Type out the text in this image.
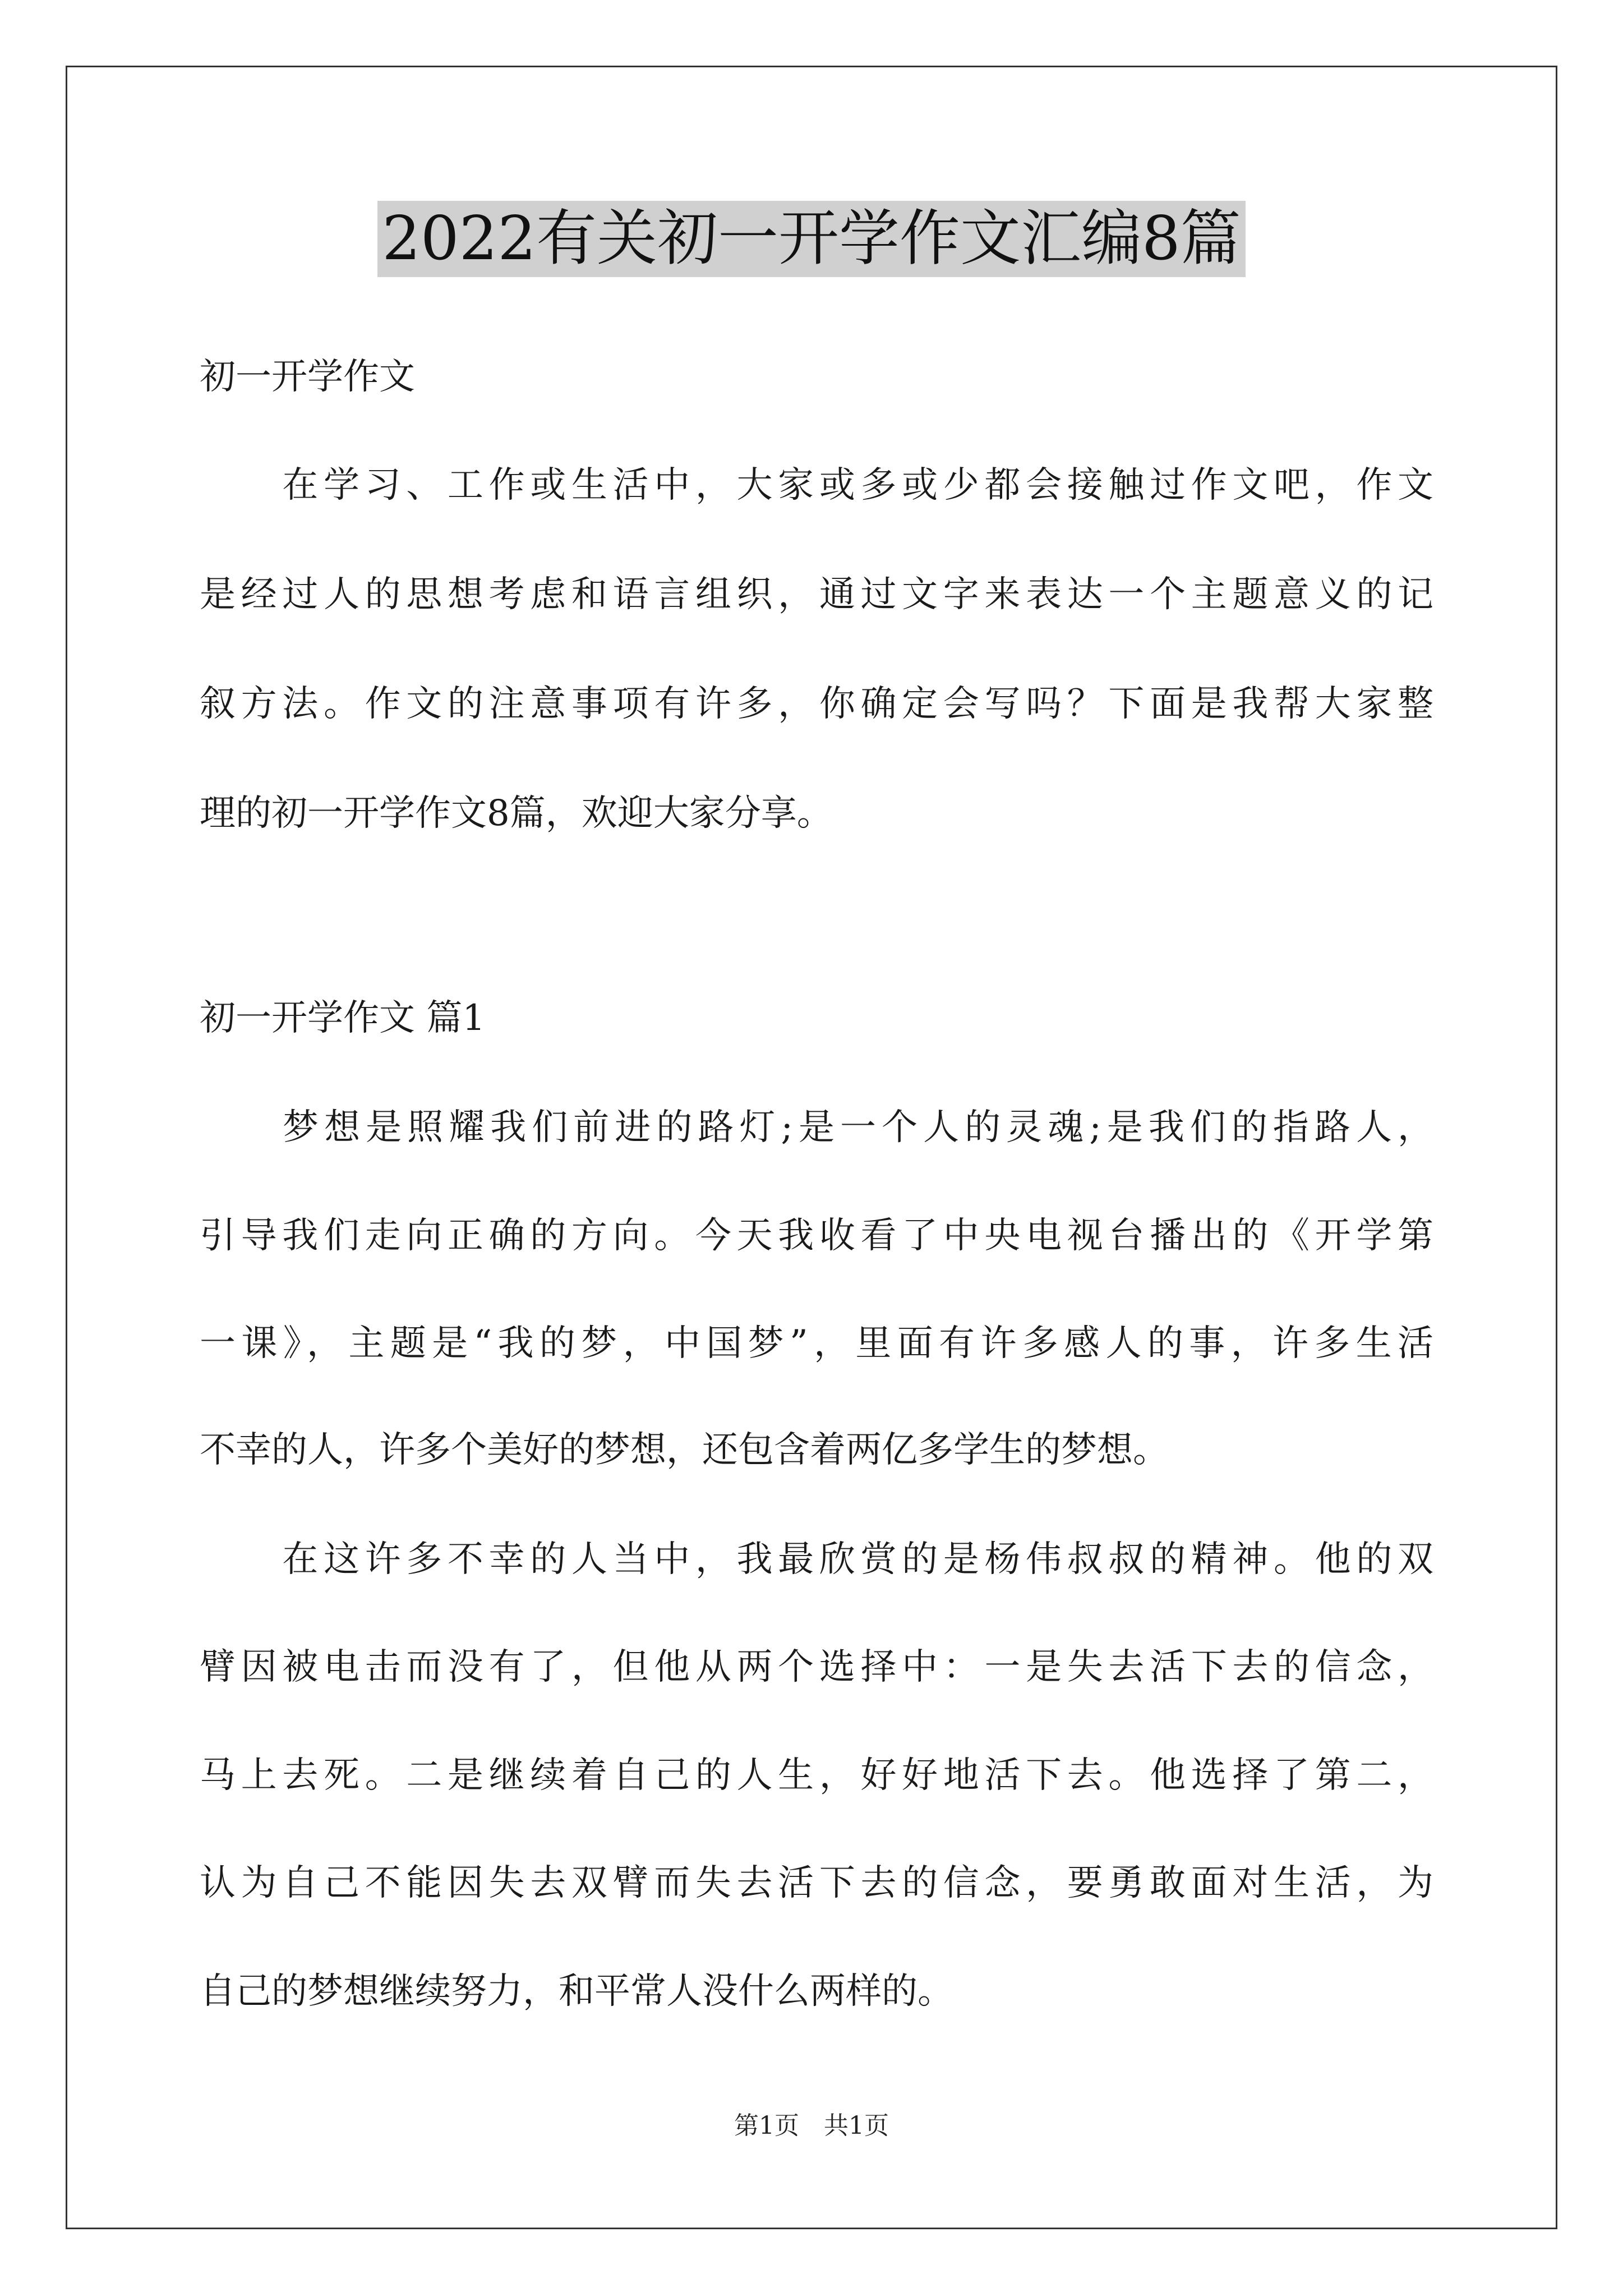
2022有关初一开学作文汇编8篇
初一开学作文
　　在学习、工作或生活中，大家或多或少都会接触过作文吧，作文
是经过人的思想考虑和语言组织，通过文字来表达一个主题意义的记
叙方法。作文的注意事项有许多，你确定会写吗？下面是我帮大家整
理的初一开学作文8篇，欢迎大家分享。
初一开学作文 篇1
　　梦想是照耀我们前进的路灯;是一个人的灵魂;是我们的指路人，
引导我们走向正确的方向。今天我收看了中央电视台播出的《开学第
一课》，主题是“我的梦，中国梦”，里面有许多感人的事，许多生活
不幸的人，许多个美好的梦想，还包含着两亿多学生的梦想。
　　在这许多不幸的人当中，我最欣赏的是杨伟叔叔的精神。他的双
臂因被电击而没有了，但他从两个选择中：一是失去活下去的信念，
马上去死。二是继续着自己的人生，好好地活下去。他选择了第二，
认为自己不能因失去双臂而失去活下去的信念，要勇敢面对生活，为
自己的梦想继续努力，和平常人没什么两样的。
第1页　共1页
